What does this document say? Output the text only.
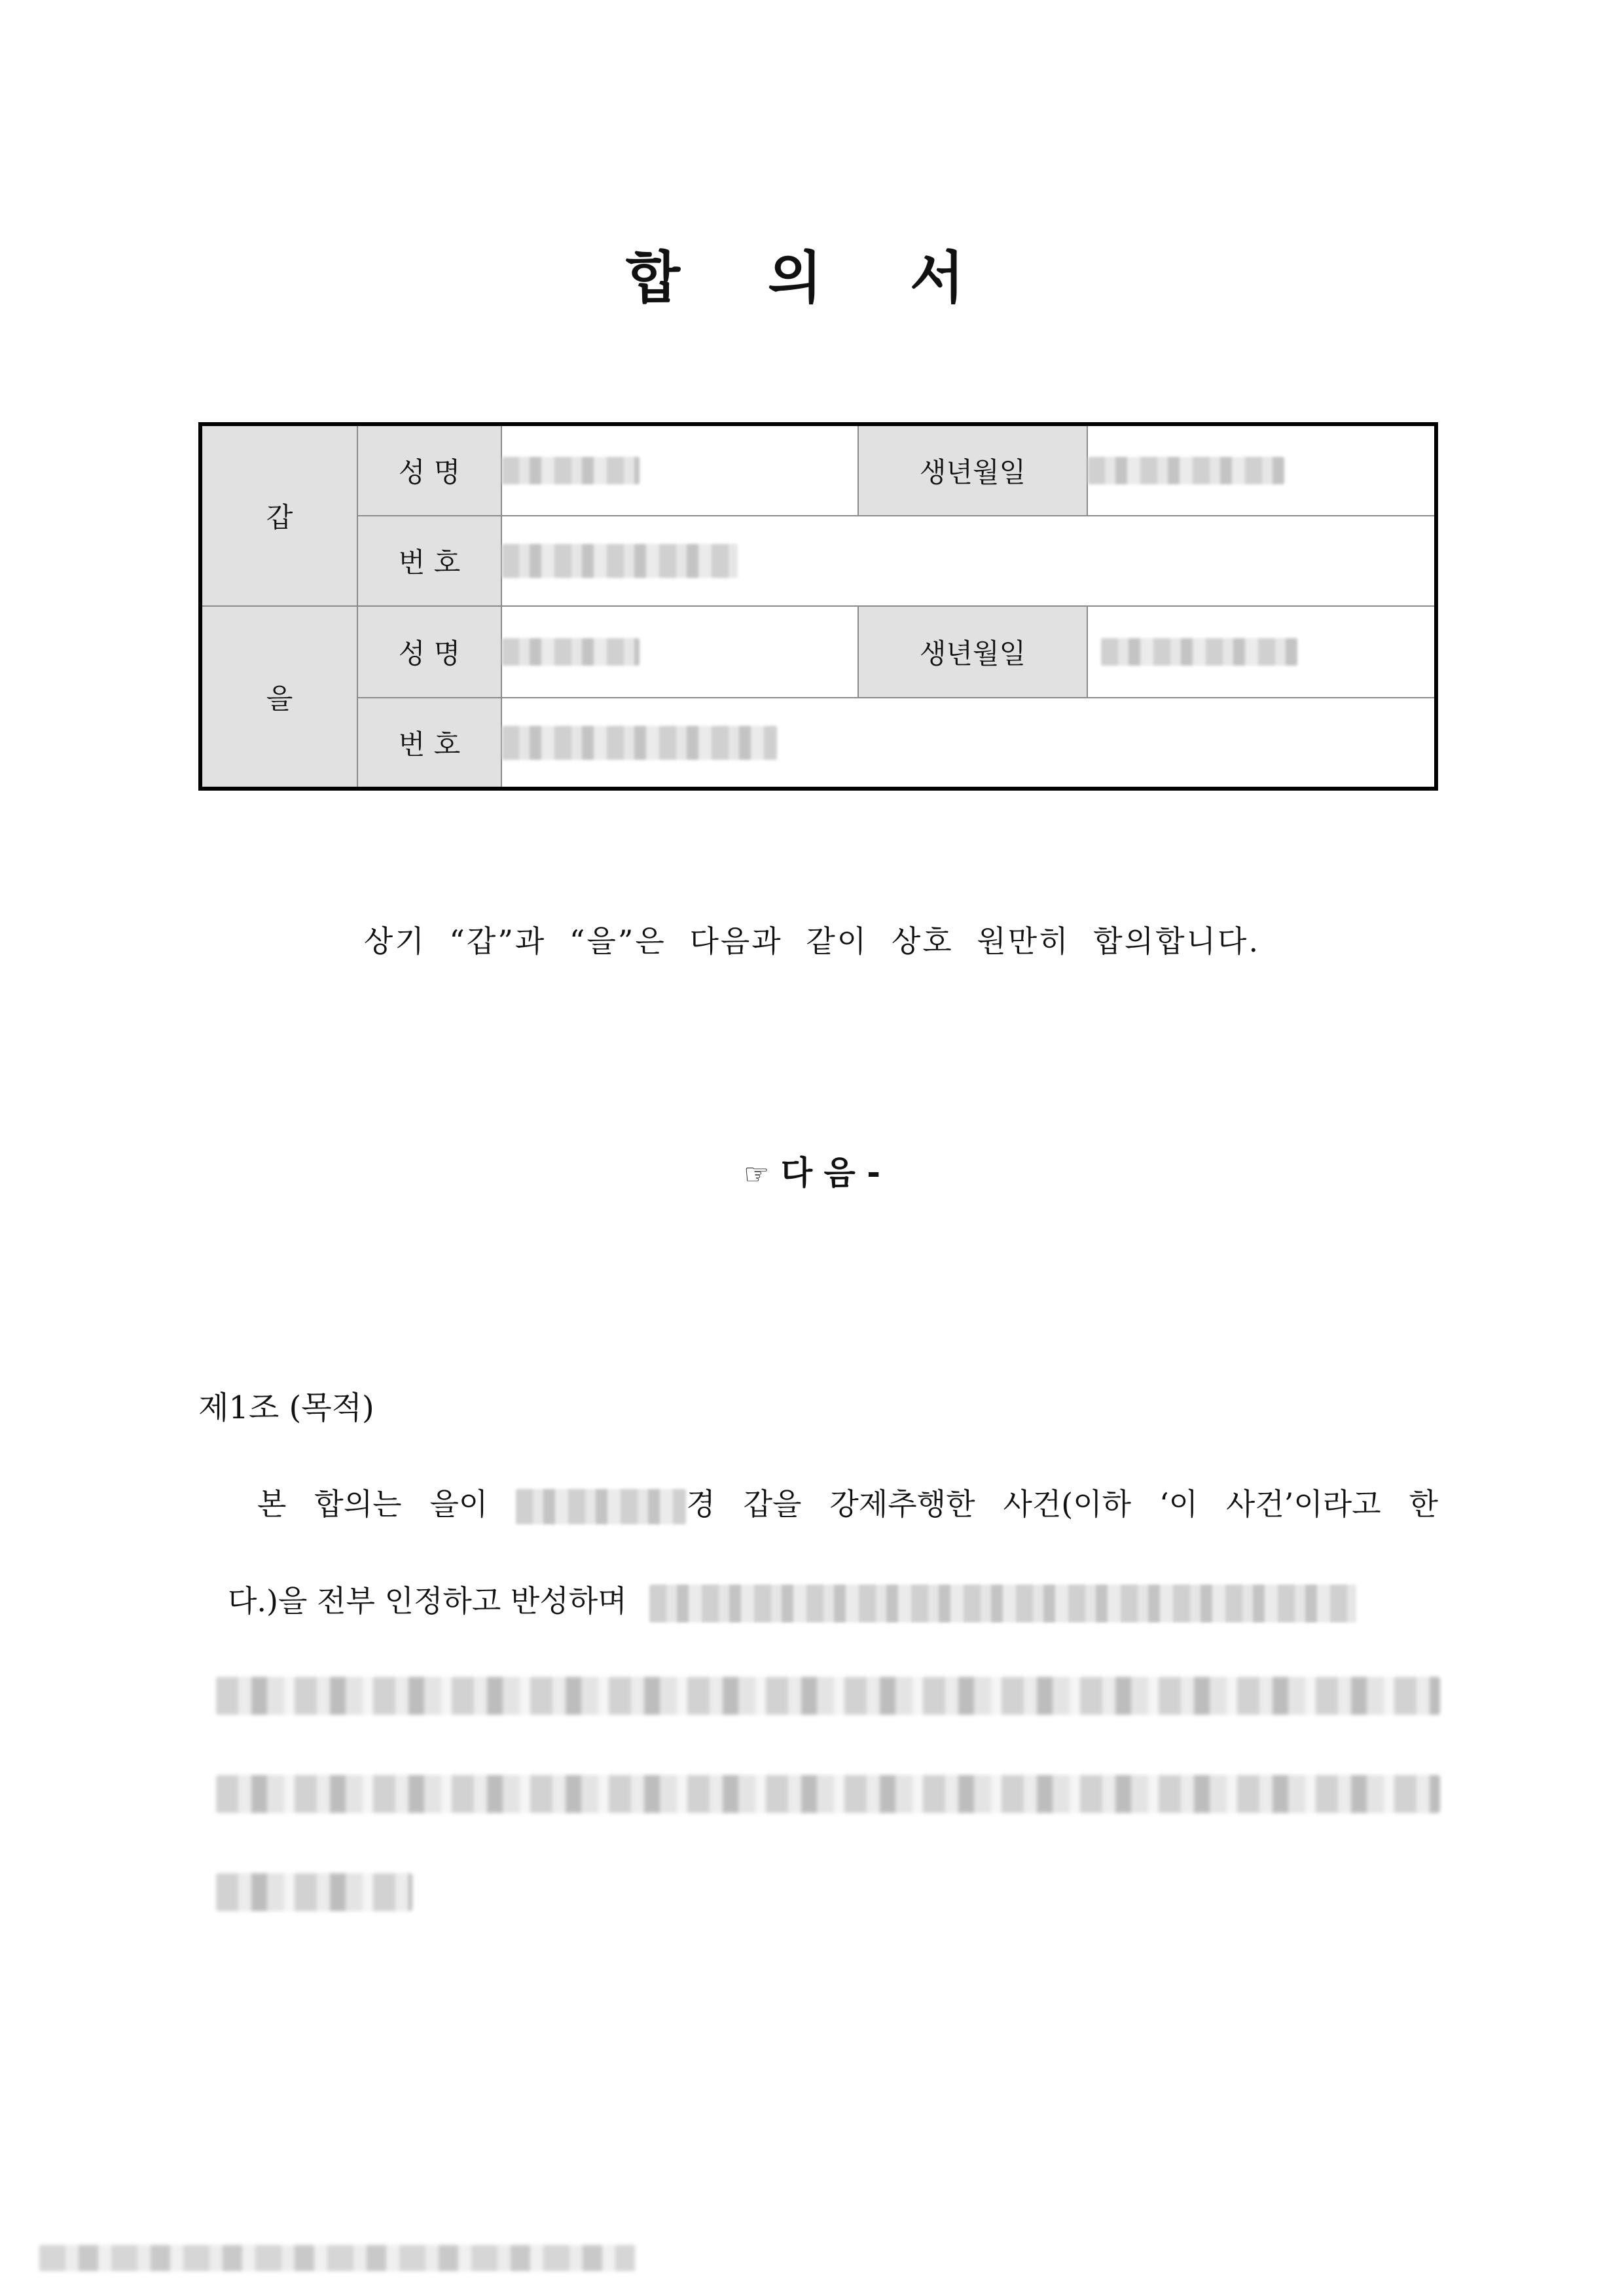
합 의 서
갑	성 명		생년월일	
	번 호			
을	성 명		생년월일	
	번 호			
상기 “갑”과 “을”은 다음과 같이 상호 원만히 합의합니다.
☞ 다 음 -
제1조 (목적)
본 합의는 을이	경 갑을 강제추행한 사건(이하 ‘이 사건’이라고 한
다.)을 전부 인정하고 반성하며
